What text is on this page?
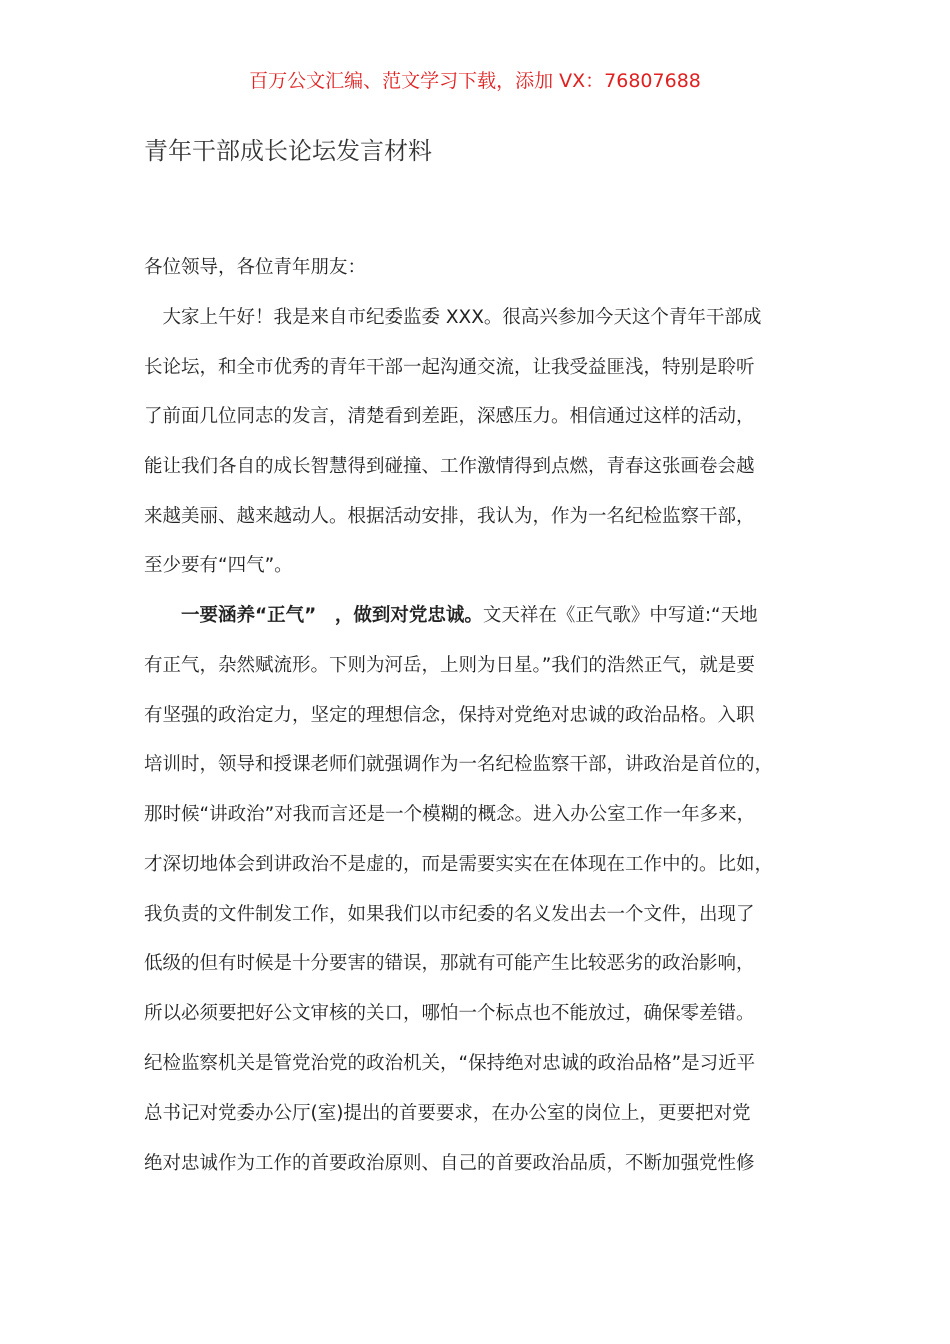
百万公文汇编、范文学习下载，添加 VX：76807688
青年干部成长论坛发言材料
各位领导，各位青年朋友：
　大家上午好！我是来自市纪委监委 XXX。很高兴参加今天这个青年干部成
长论坛，和全市优秀的青年干部一起沟通交流，让我受益匪浅，特别是聆听
了前面几位同志的发言，清楚看到差距，深感压力。相信通过这样的活动，
能让我们各自的成长智慧得到碰撞、工作激情得到点燃，青春这张画卷会越
来越美丽、越来越动人。根据活动安排，我认为，作为一名纪检监察干部，
至少要有“四气”。
　　一要涵养“正气”　，做到对党忠诚。文天祥在《正气歌》中写道:“天地
有正气，杂然赋流形。下则为河岳，上则为日星。”我们的浩然正气，就是要
有坚强的政治定力，坚定的理想信念，保持对党绝对忠诚的政治品格。入职
培训时，领导和授课老师们就强调作为一名纪检监察干部，讲政治是首位的，
那时候“讲政治”对我而言还是一个模糊的概念。进入办公室工作一年多来，
才深切地体会到讲政治不是虚的，而是需要实实在在体现在工作中的。比如，
我负责的文件制发工作，如果我们以市纪委的名义发出去一个文件，出现了
低级的但有时候是十分要害的错误，那就有可能产生比较恶劣的政治影响，
所以必须要把好公文审核的关口，哪怕一个标点也不能放过，确保零差错。
纪检监察机关是管党治党的政治机关，“保持绝对忠诚的政治品格”是习近平
总书记对党委办公厅(室)提出的首要要求，在办公室的岗位上，更要把对党
绝对忠诚作为工作的首要政治原则、自己的首要政治品质，不断加强党性修
